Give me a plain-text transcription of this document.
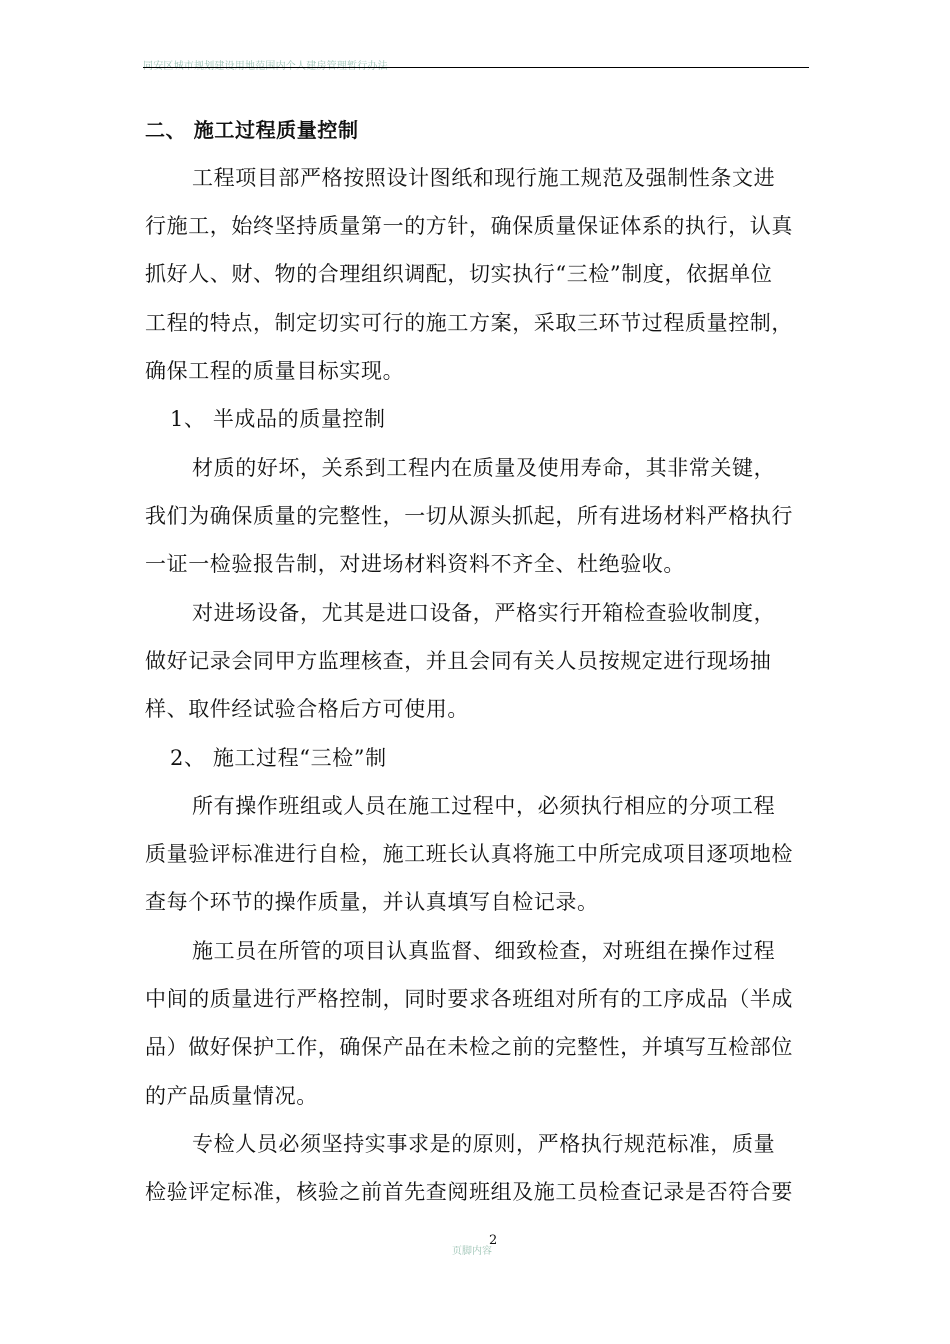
同安区城市规划建设用地范围内个人建房管理暂行办法
二、 施工过程质量控制
工程项目部严格按照设计图纸和现行施工规范及强制性条文进
行施工，始终坚持质量第一的方针，确保质量保证体系的执行，认真
抓好人、财、物的合理组织调配，切实执行“三检”制度，依据单位
工程的特点，制定切实可行的施工方案，采取三环节过程质量控制，
确保工程的质量目标实现。
1、 半成品的质量控制
材质的好坏，关系到工程内在质量及使用寿命，其非常关键，
我们为确保质量的完整性，一切从源头抓起，所有进场材料严格执行
一证一检验报告制，对进场材料资料不齐全、杜绝验收。
对进场设备，尤其是进口设备，严格实行开箱检查验收制度，
做好记录会同甲方监理核查，并且会同有关人员按规定进行现场抽
样、取件经试验合格后方可使用。
2、 施工过程“三检”制
所有操作班组或人员在施工过程中，必须执行相应的分项工程
质量验评标准进行自检，施工班长认真将施工中所完成项目逐项地检
查每个环节的操作质量，并认真填写自检记录。
施工员在所管的项目认真监督、细致检查，对班组在操作过程
中间的质量进行严格控制，同时要求各班组对所有的工序成品（半成
品）做好保护工作，确保产品在未检之前的完整性，并填写互检部位
的产品质量情况。
专检人员必须坚持实事求是的原则，严格执行规范标准，质量
检验评定标准，核验之前首先查阅班组及施工员检查记录是否符合要
页脚内容
2
